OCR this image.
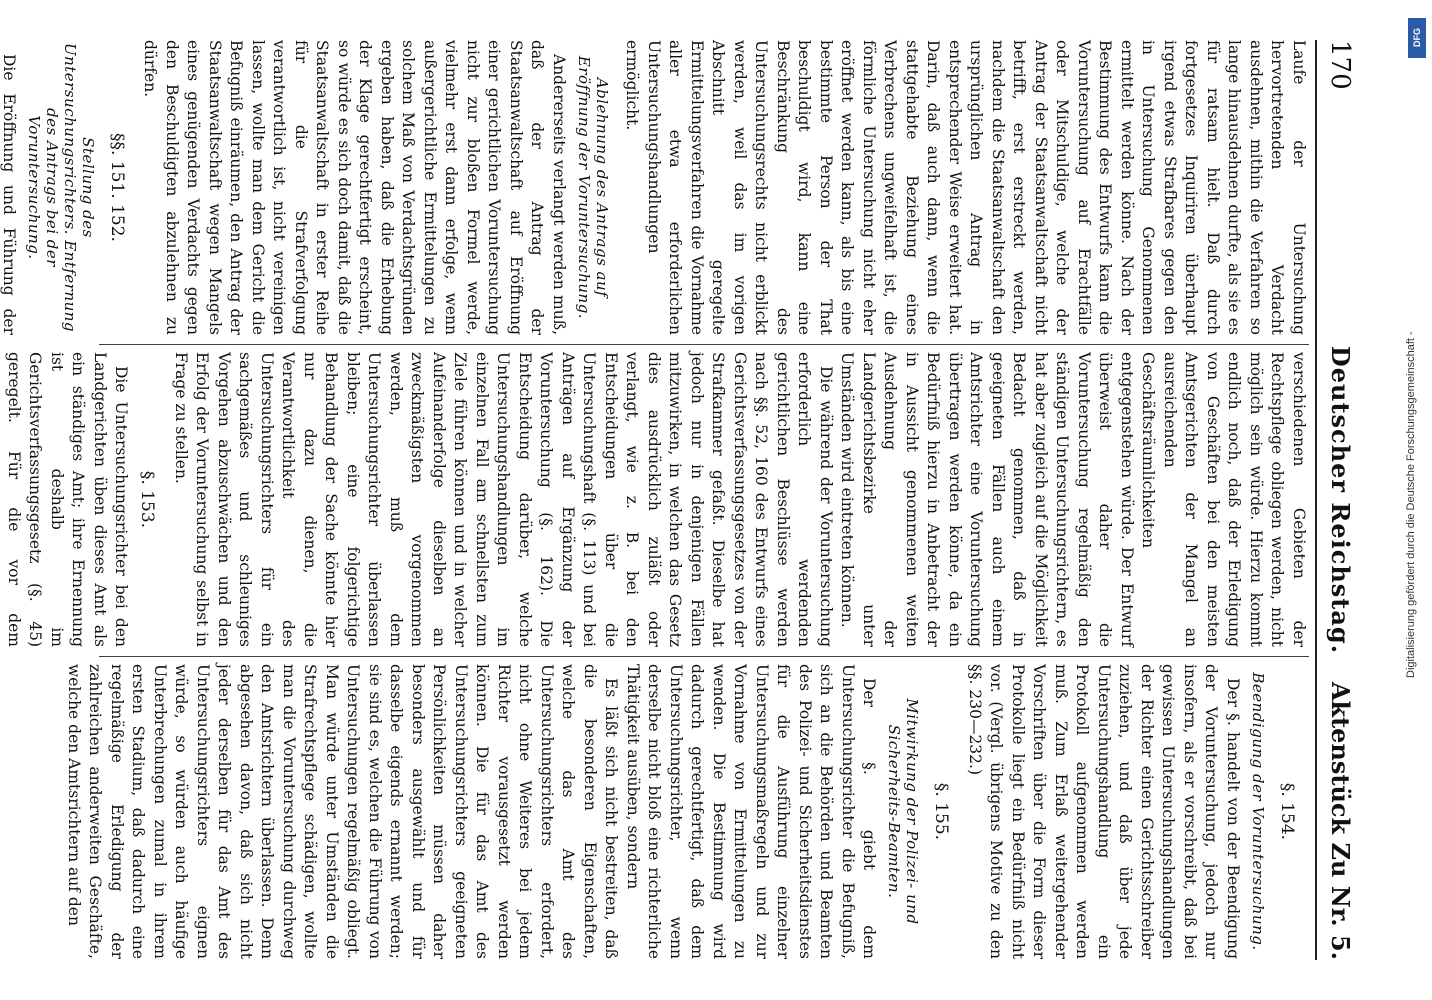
170
Deutscher Reichstag.
Aktenstück Zu Nr. 5.

Laufe der Untersuchung hervortretenden Verdacht ausdehnen, mithin die Verfahren so lange hinausdehnen durfte, als sie es für ratsam hielt. Daß durch fortgesetzes Inquiriren überhaupt irgend etwas Strafbares gegen den in Untersuchung Genommenen ermittelt werden könne. Nach der Bestimmung des Entwurfs kann die Voruntersuchung auf Erachtfälle oder Mitschuldige, welche der Antrag der Staatsanwaltschaft nicht betrifft, erst erstreckt werden, nachdem die Staatsanwaltschaft den ursprünglichen Antrag in entsprechender Weise erweitert hat. Darin, daß auch dann, wenn die stattgehabte Beziehung eines Verbrechens ungweifelhaft ist, die förmliche Untersuchung nicht eher eröffnet werden kann, als bis eine bestimmte Person der That beschuldigt wird, kann eine Beschränkung des Untersuchungsrechts nicht erblickt werden, weil das im vorigen Abschnitt geregelte Ermittelungsverfahren die Vornahme aller etwa erforderlichen Untersuchungshandlungen ermöglicht.

Ablehnung des Antrags auf Eröffnung der Voruntersuchung.

Andererseits verlangt werden muß, daß der Antrag der Staatsanwaltschaft auf Eröffnung einer gerichtlichen Voruntersuchung nicht zur bloßen Formel werde, vielmehr erst dann erfolge, wenn außergerichtliche Ermittelungen zu solchem Maß von Verdachtsgründen ergeben haben, daß die Erhebung der Klage gerechtfertigt erscheint, so würde es sich doch damit, daß die Staatsanwaltschaft in erster Reihe für die Strafverfolgung verantwortlich ist, nicht vereinigen lassen, wollte man dem Gericht die Befugniß einräumen, den Antrag der Staatsanwaltschaft wegen Mangels eines genügenden Verdachts gegen den Beschuldigten abzulehnen zu dürfen.

§§. 151. 152.
Stellung des Untersuchungsrichters. Entfernung des Antrags bei der Voruntersuchung.

Die Eröffnung und Führung der

verschiedenen Gebieten der Rechtspflege obliegen werden, nicht möglich sein würde. Hierzu kommt endlich noch, daß der Erledigung von Geschäften bei den meisten Amtsgerichten der Mangel an ausreichenden Geschäftsräumlichkeiten entgegenstehen würde. Der Entwurf überweist daher die Voruntersuchung regelmäßig den ständigen Untersuchungsrichtern, es hat aber zugleich auf die Möglichkeit Bedacht genommen, daß in geeigneten Fällen auch einem Amtsrichter eine Voruntersuchung übertragen werden könne, da ein Bedürfniß hierzu in Anbetracht der in Aussicht genommenen weiten Ausdehnung der Landgerichtsbezirke unter Umständen wird eintreten können.

Die während der Voruntersuchung erforderlich werdenden gerichtlichen Beschlüsse werden nach §§. 52, 160 des Entwurfs eines Gerichtsverfassungsgesetzes von der Strafkammer gefaßt. Dieselbe hat jedoch nur in denjenigen Fällen mitzuwirken, in welchen das Gesetz dies ausdrücklich zuläßt oder verlangt, wie z. B. bei den Entscheidungen über die Untersuchungshaft (§. 113) und bei Anträgen auf Ergänzung der Voruntersuchung (§. 162). Die Entscheidung darüber, welche Untersuchungshandlungen im einzelnen Fall am schnellsten zum Ziele führen können und in welcher Aufeinanderfolge dieselben an zweckmäßigsten vorgenommen werden, muß dem Untersuchungsrichter überlassen bleiben; eine folgerichtige Behandlung der Sache könnte hier nur dazu dienen, die Verantwortlichkeit des Untersuchungsrichters für ein sachgemäßes und schleuniges Vorgehen abzuschwächen und den Erfolg der Voruntersuchung selbst in Frage zu stellen.

§. 153.

Die Untersuchungsrichter bei den Landgerichten üben dieses Amt als ein ständiges Amt; ihre Ernennung ist deshalb im Gerichtsverfassungsgesetz (§. 45) geregelt. Für die vor dem

§. 154.
Beendigung der Voruntersuchung.

Der §. handelt von der Beendigung der Voruntersuchung, jedoch nur insofern, als er vorschreibt, daß bei gewissen Untersuchungshandlungen der Richter einen Gerichtsschreiber zuziehen, und daß über jede Untersuchungshandlung ein Protokoll aufgenommen werden muß. Zum Erlaß weitergehender Vorschriften über die Form dieser Protokolle liegt ein Bedürfniß nicht vor. (Vergl. übrigens Motive zu den §§. 230—232.)

§. 155.
Mitwirkung der Polizei- und Sicherheits-Beamten.

Der §. giebt dem Untersuchungsrichter die Befugniß, sich an die Behörden und Beamten des Polizei- und Sicherheitsdienstes für die Ausführung einzelner Untersuchungsmaßregeln und zur Vornahme von Ermittelungen zu wenden. Die Bestimmung wird dadurch gerechtfertigt, daß dem Untersuchungsrichter, wenn derselbe nicht bloß eine richterliche Thätigkeit ausüben, sondern

Es läßt sich nicht bestreiten, daß die besonderen Eigenschaften, welche das Amt des Untersuchungsrichters erfordert, nicht ohne Weiteres bei jedem Richter vorausgesetzt werden können. Die für das Amt des Untersuchungsrichters geeigneten Persönlichkeiten müssen daher besonders ausgewählt und für dasselbe eigends ernannt werden; sie sind es, welchen die Führung von Untersuchungen regelmäßig obliegt. Man würde unter Umständen die Strafrechtspflege schädigen, wollte man die Voruntersuchung durchweg den Amtsrichtern überlassen. Denn abgesehen davon, daß sich nicht jeder derselben für das Amt des Untersuchungsrichters eignen würde, so würden auch häufige Unterbrechungen zumal in ihrem ersten Stadium, daß dadurch eine regelmäßige Erledigung der zahlreichen anderweiten Geschäfte, welche den Amtsrichtern auf den

DFG
Digitalisierung gefördert durch die Deutsche Forschungsgemeinschaft -
